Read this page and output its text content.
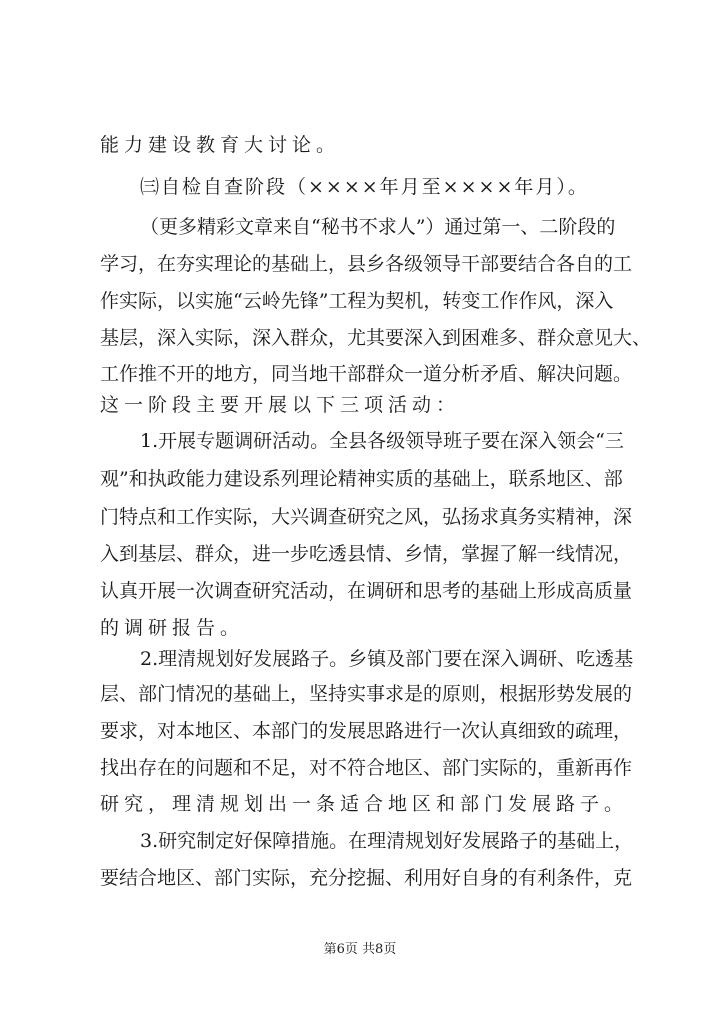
能力建设教育大讨论。
㈢自检自查阶段（××××年月至××××年月）。
（更多精彩文章来自“秘书不求人”）通过第一、二阶段的
学习，在夯实理论的基础上，县乡各级领导干部要结合各自的工
作实际，以实施“云岭先锋”工程为契机，转变工作作风，深入
基层，深入实际，深入群众，尤其要深入到困难多、群众意见大、
工作推不开的地方，同当地干部群众一道分析矛盾、解决问题。
这一阶段主要开展以下三项活动：
1.开展专题调研活动。全县各级领导班子要在深入领会“三
观”和执政能力建设系列理论精神实质的基础上，联系地区、部
门特点和工作实际，大兴调查研究之风，弘扬求真务实精神，深
入到基层、群众，进一步吃透县情、乡情，掌握了解一线情况，
认真开展一次调查研究活动，在调研和思考的基础上形成高质量
的调研报告。
2.理清规划好发展路子。乡镇及部门要在深入调研、吃透基
层、部门情况的基础上，坚持实事求是的原则，根据形势发展的
要求，对本地区、本部门的发展思路进行一次认真细致的疏理，
找出存在的问题和不足，对不符合地区、部门实际的，重新再作
研究，理清规划出一条适合地区和部门发展路子。
3.研究制定好保障措施。在理清规划好发展路子的基础上，
要结合地区、部门实际，充分挖掘、利用好自身的有利条件，克
第6页 共8页
